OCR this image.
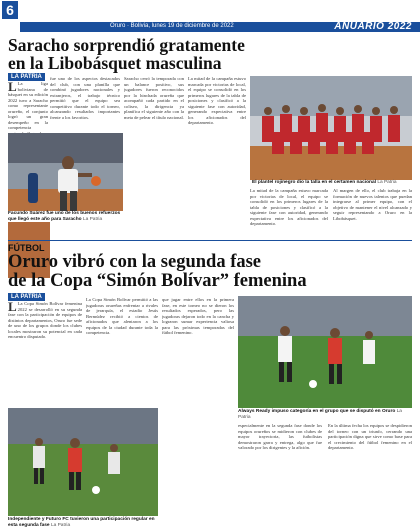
6
Oruro · Bolivia, lunes 19 de diciembre de 2022	ANUARIO 2022
Saracho sorprendió gratamente
en la Libobásquet masculina
LA PATRIA
L La liga boliviana de básquet en su edición 2022 tuvo a Saracho como representante orureño, el conjunto logró un gran desempeño en la competencia
Facundo Suárez fue uno de los buenos refuerzos que llegó este año para Saracho La Patria
fue uno de los aspectos destacados del club, con una planilla que combinó jugadores nacionales y extranjeros, el trabajo técnico permitió que el equipo sea competitivo durante todo el torneo, alcanzando resultados importantes frente a los favoritos.
Saracho cerró la temporada con un balance positivo, sus jugadores fueron reconocidos por la hinchada orureña que acompañó cada partido en el coliseo, la dirigencia ya planifica el siguiente año con la meta de pelear el título nacional.
La mitad de la campaña estuvo marcada por victorias de local, el equipo se consolidó en los primeros lugares de la tabla de posiciones y clasificó a la siguiente fase con autoridad, generando expectativa entre los aficionados del departamento.
El plantel rojinegro dio la talla en el certamen nacional La Patria
La mitad de la campaña estuvo marcada por victorias de local, el equipo se consolidó en los primeros lugares de la tabla de posiciones y clasificó a la siguiente fase con autoridad, generando expectativa entre los aficionados del departamento.
Al margen de ello, el club trabaja en la formación de nuevos talentos que puedan integrarse al primer equipo, con el objetivo de mantener el nivel alcanzado y seguir representando a Oruro en la Libobásquet.
FÚTBOL
Oruro vibró con la segunda fase
de la Copa “Simón Bolívar” femenina
LA PATRIA
L La Copa Simón Bolívar femenina 2022 se desarrolló en su segunda fase con la participación de equipos de distintos departamentos, Oruro fue sede de uno de los grupos donde los clubes locales mostraron su potencial en cada encuentro disputado.
La Copa Simón Bolívar permitió a las jugadoras orureñas enfrentar a rivales de jerarquía, el estadio Jesús Bermúdez recibió a cientos de aficionados que alentaron a los equipos de la ciudad durante toda la competencia.
que jugar entre ellos en la primera fase, en este torneo no se dieron los resultados esperados, pero las jugadoras dejaron todo en la cancha y lograron sumar experiencia valiosa para las próximas temporadas del fútbol femenino.
Independiente y Futuro FC tuvieron una participación regular en esta segunda fase La Patria
Always Ready impuso categoría en el grupo que se disputó en Oruro La Patria
especialmente en la segunda fase donde los equipos orureños se midieron con clubes de mayor trayectoria, las futbolistas demostraron garra y entrega, algo que fue valorado por los dirigentes y la afición.
En la última fecha los equipos se despidieron del torneo con un triunfo, cerrando una participación digna que sirve como base para el crecimiento del fútbol femenino en el departamento.
